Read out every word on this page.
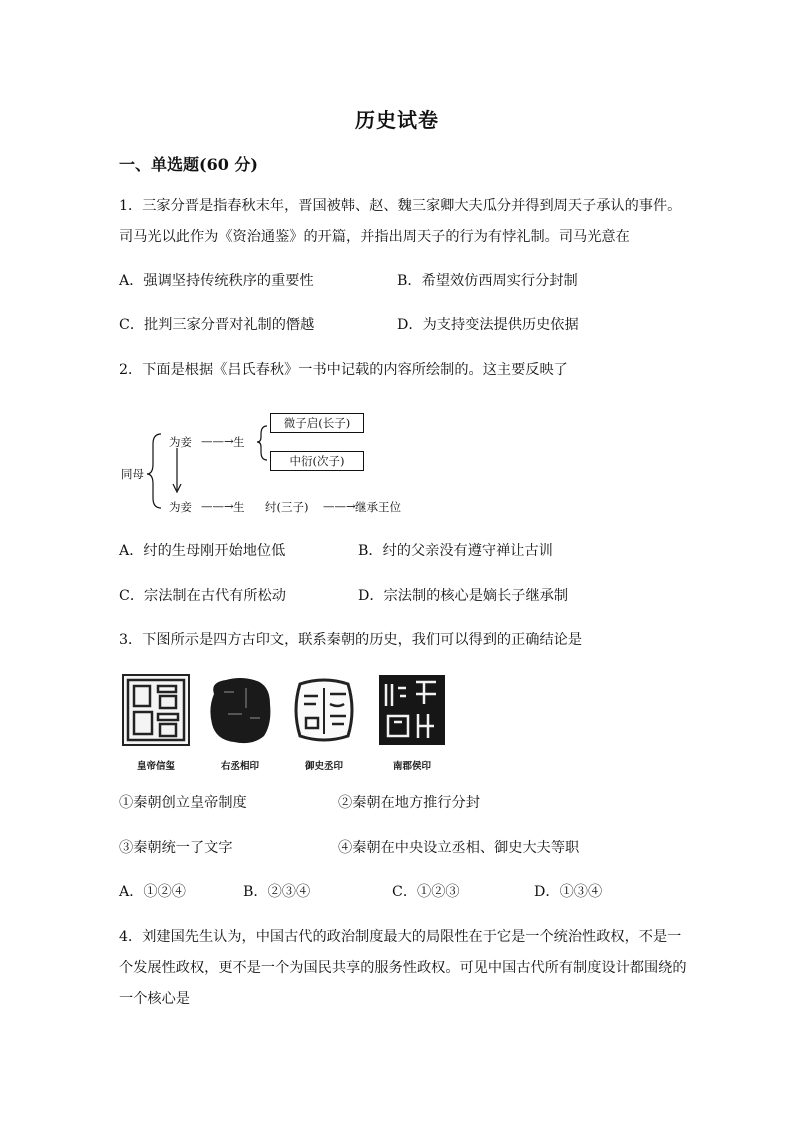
历史试卷
一、单选题(60 分)
1．三家分晋是指春秋末年，晋国被韩、赵、魏三家卿大夫瓜分并得到周天子承认的事件。
司马光以此作为《资治通鉴》的开篇，并指出周天子的行为有悖礼制。司马光意在
A．强调坚持传统秩序的重要性	B．希望效仿西周实行分封制
C．批判三家分晋对礼制的僭越	D．为支持变法提供历史依据
2．下面是根据《吕氏春秋》一书中记载的内容所绘制的。这主要反映了
同母
为妾 ——→ 生
微子启(长子)
中衍(次子)
为妾 ——→ 生 纣(三子) ——→ 继承王位
A．纣的生母刚开始地位低	B．纣的父亲没有遵守禅让古训
C．宗法制在古代有所松动	D．宗法制的核心是嫡长子继承制
3．下图所示是四方古印文，联系秦朝的历史，我们可以得到的正确结论是
皇帝信玺	右丞相印	御史丞印	南郡侯印
①秦朝创立皇帝制度	②秦朝在地方推行分封
③秦朝统一了文字	④秦朝在中央设立丞相、御史大夫等职
A．①②④	B．②③④	C．①②③	D．①③④
4．刘建国先生认为，中国古代的政治制度最大的局限性在于它是一个统治性政权，不是一
个发展性政权，更不是一个为国民共享的服务性政权。可见中国古代所有制度设计都围绕的
一个核心是
